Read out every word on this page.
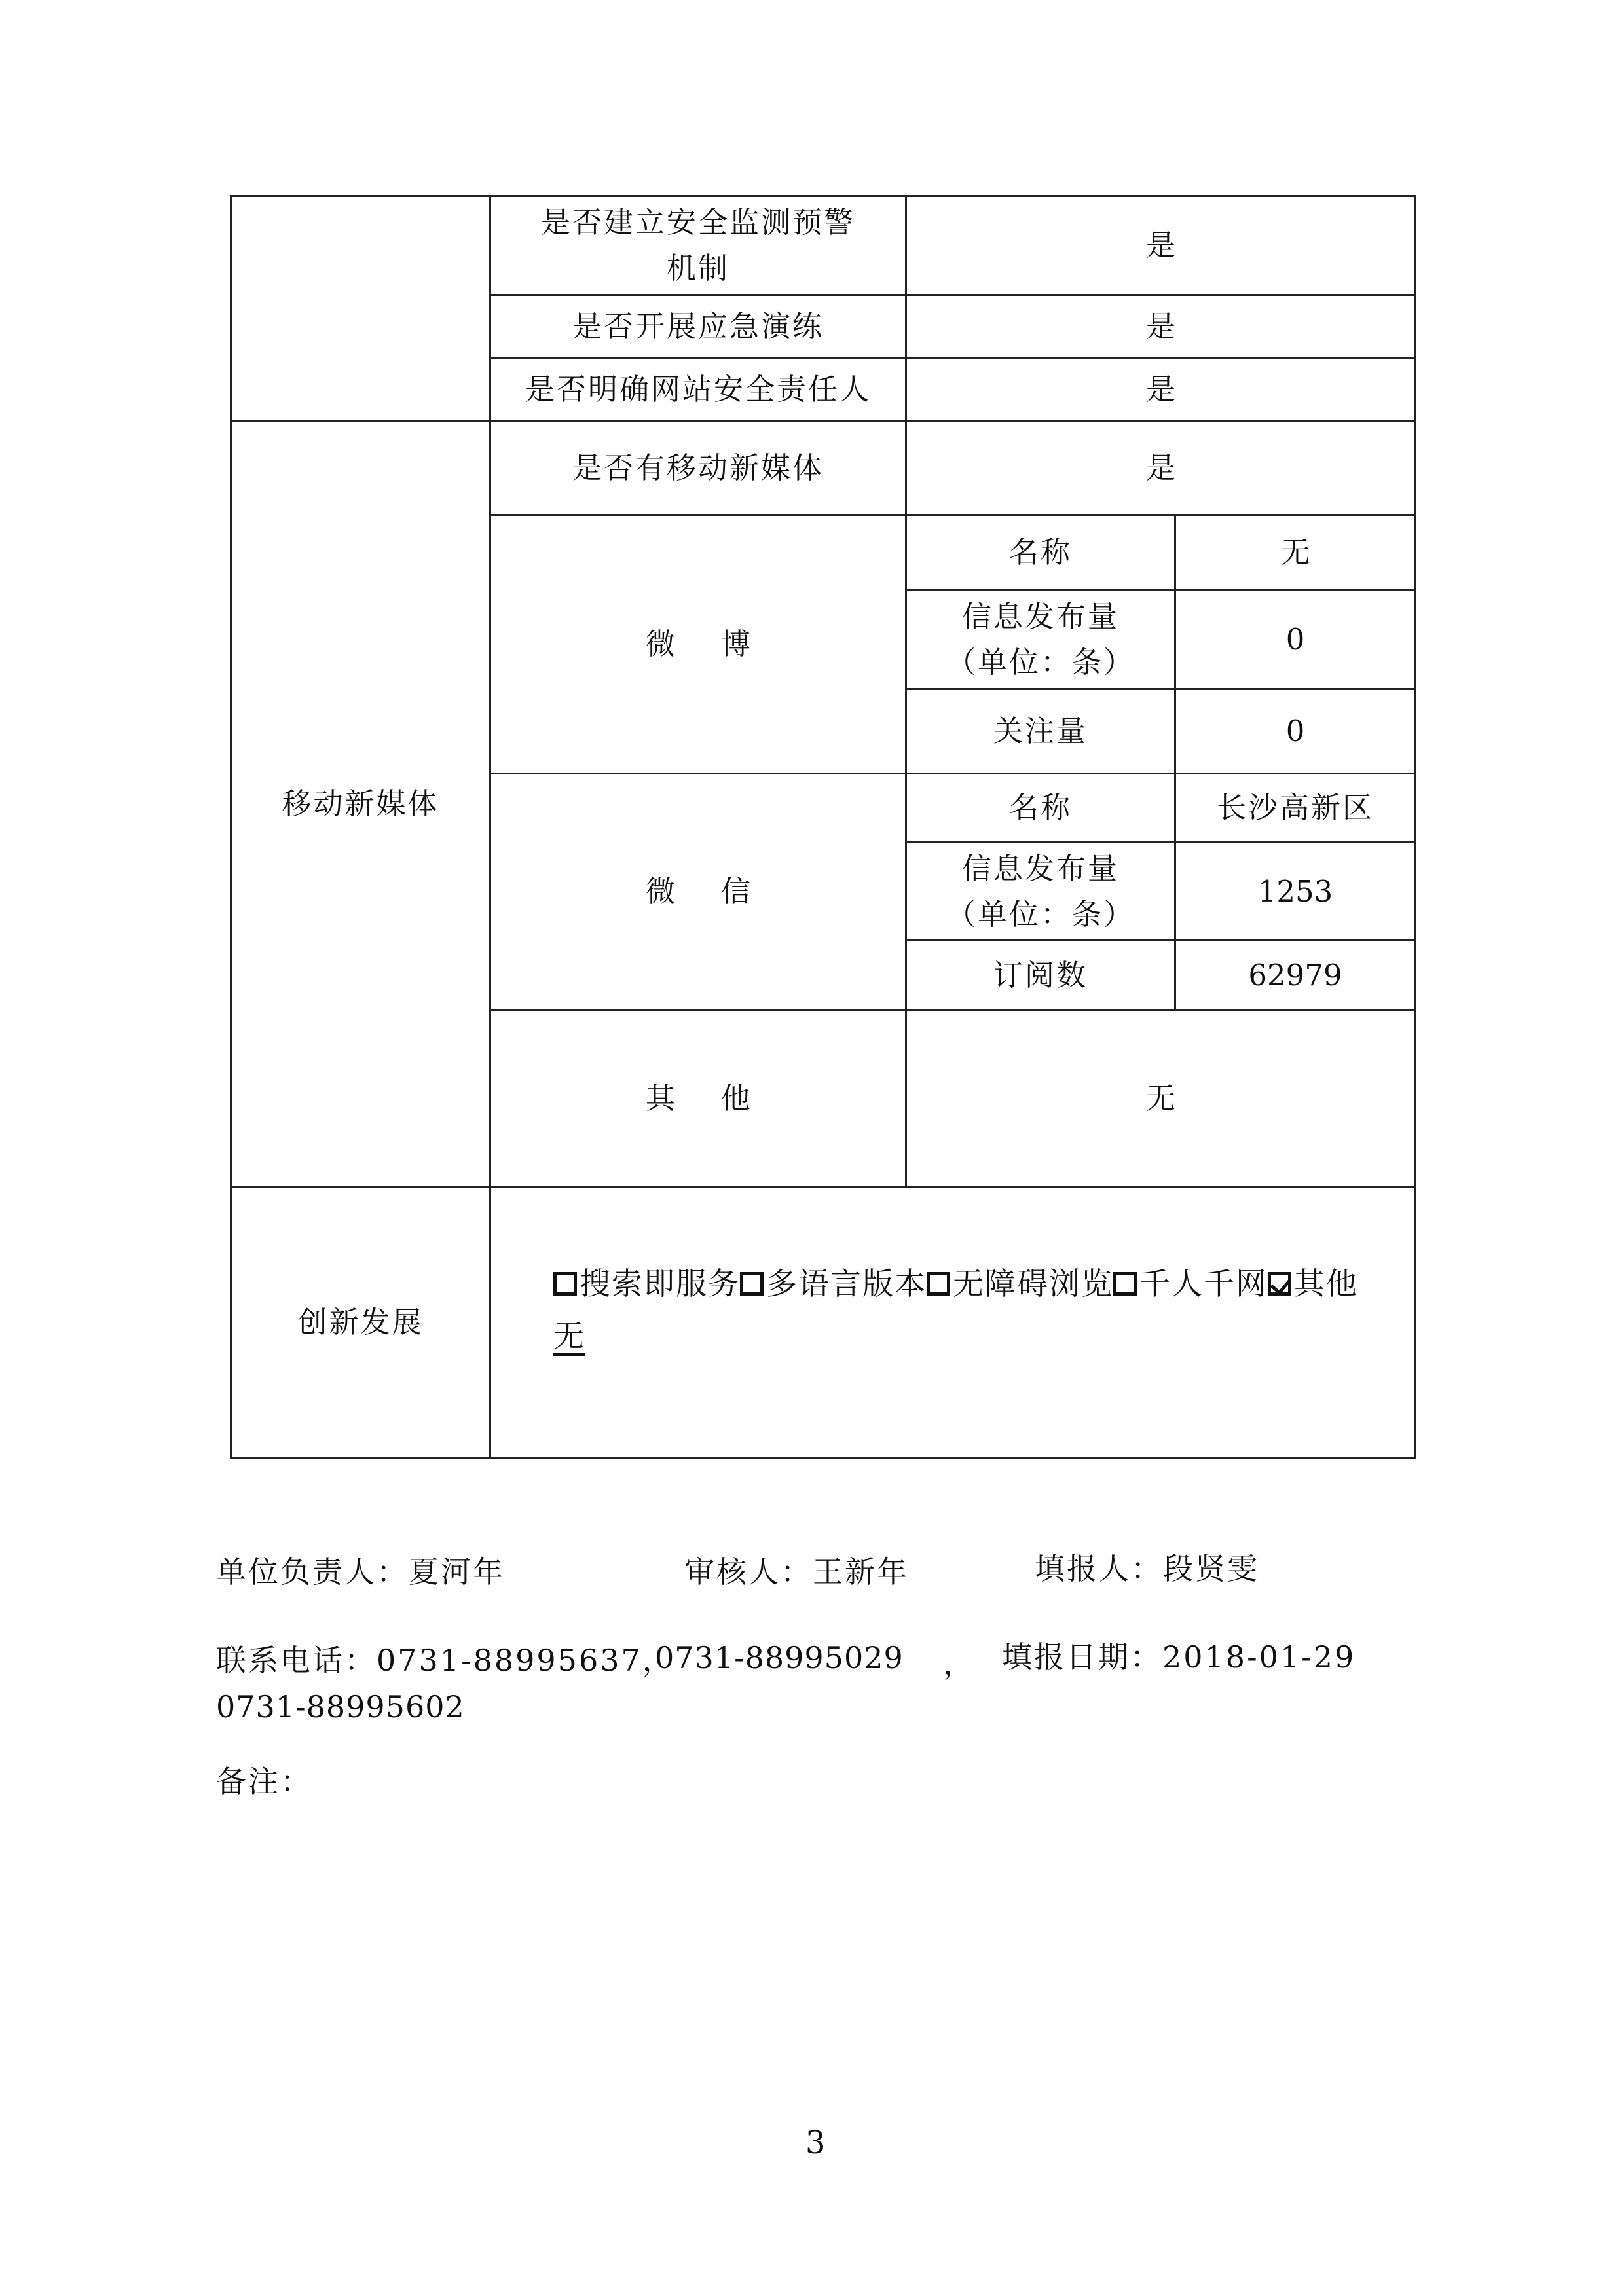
	是否建立安全监测预警
机制	是	
	是否开展应急演练	是	
	是否明确网站安全责任人	是	
移动新媒体	是否有移动新媒体	是	
	微博	名称	无

		信息发布量
（单位：条）	0
		关注量	0
	微信	名称	长沙高新区

		信息发布量
（单位：条）	1253
		订阅数	62979
	其他	无	
创新发展	搜索即服务 多语言版本 无障碍浏览 千人千网 其他
无		
单位负责人：夏河年	审核人：王新年	填报人：段贤雯
联系电话：0731-88995637，
0731-88995029 ， 填报日期：2018-01-29
0731-88995602
备注：
3
